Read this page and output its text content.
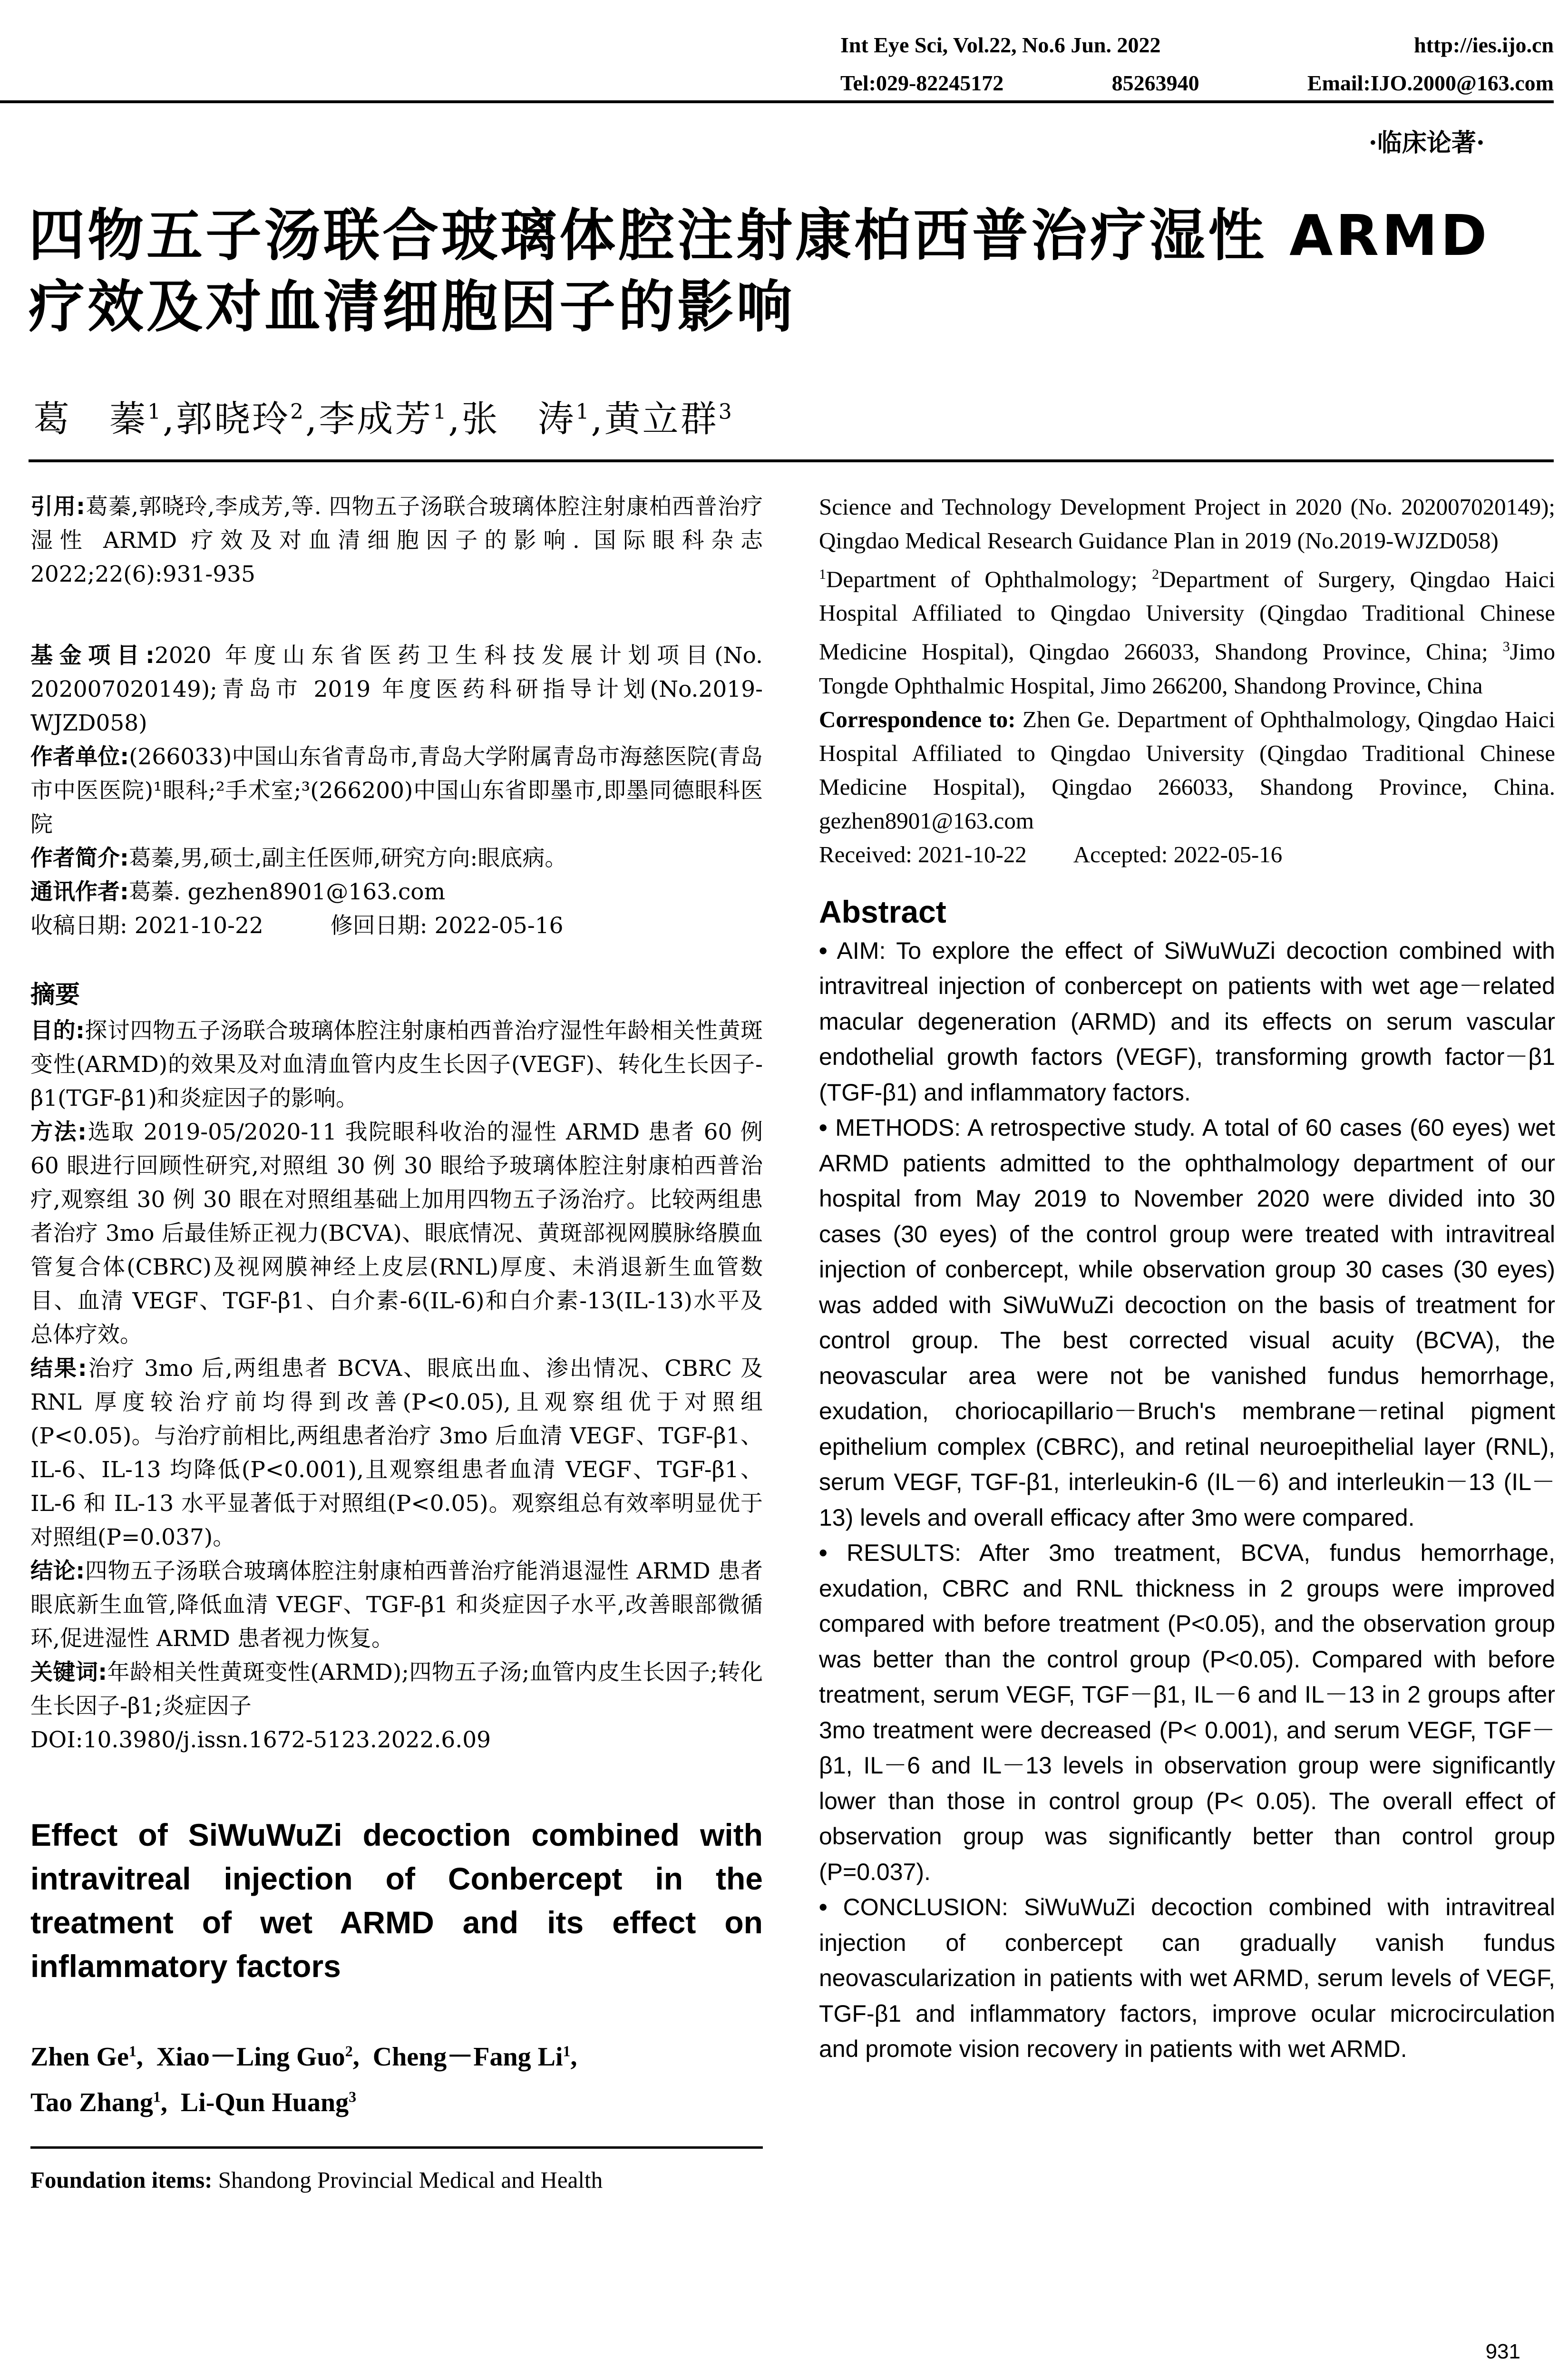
Int Eye Sci, Vol.22, No.6 Jun. 2022	http://ies.ijo.cn
Tel:029-82245172	85263940	Email:IJO.2000@163.com
·临床论著·
四物五子汤联合玻璃体腔注射康柏西普治疗湿性 ARMD
疗效及对血清细胞因子的影响
葛　蓁$^1$,郭晓玲$^2$,李成芳$^1$,张　涛$^1$,黄立群$^3$
引用:葛蓁,郭晓玲,李成芳,等. 四物五子汤联合玻璃体腔注射康柏西普治疗湿性 ARMD 疗效及对血清细胞因子的影响. 国际眼科杂志 2022;22(6):931-935
基金项目:2020 年度山东省医药卫生科技发展计划项目(No. 202007020149);青岛市 2019 年度医药科研指导计划(No.2019-WJZD058)
作者单位:(266033)中国山东省青岛市,青岛大学附属青岛市海慈医院(青岛市中医医院)¹眼科;²手术室;³(266200)中国山东省即墨市,即墨同德眼科医院
作者简介:葛蓁,男,硕士,副主任医师,研究方向:眼底病。
通讯作者:葛蓁. gezhen8901@163.com
收稿日期: 2021-10-22   	修回日期: 2022-05-16
摘要
目的:探讨四物五子汤联合玻璃体腔注射康柏西普治疗湿性年龄相关性黄斑变性(ARMD)的效果及对血清血管内皮生长因子(VEGF)、转化生长因子-β1(TGF-β1)和炎症因子的影响。
方法:选取 2019-05/2020-11 我院眼科收治的湿性 ARMD 患者 60 例 60 眼进行回顾性研究,对照组 30 例 30 眼给予玻璃体腔注射康柏西普治疗,观察组 30 例 30 眼在对照组基础上加用四物五子汤治疗。比较两组患者治疗 3mo 后最佳矫正视力(BCVA)、眼底情况、黄斑部视网膜脉络膜血管复合体(CBRC)及视网膜神经上皮层(RNL)厚度、未消退新生血管数目、血清 VEGF、TGF-β1、白介素-6(IL-6)和白介素-13(IL-13)水平及总体疗效。
结果:治疗 3mo 后,两组患者 BCVA、眼底出血、渗出情况、CBRC 及 RNL 厚度较治疗前均得到改善(P<0.05),且观察组优于对照组(P<0.05)。与治疗前相比,两组患者治疗 3mo 后血清 VEGF、TGF-β1、IL-6、IL-13 均降低(P<0.001),且观察组患者血清 VEGF、TGF-β1、IL-6 和 IL-13 水平显著低于对照组(P<0.05)。观察组总有效率明显优于对照组(P=0.037)。
结论:四物五子汤联合玻璃体腔注射康柏西普治疗能消退湿性 ARMD 患者眼底新生血管,降低血清 VEGF、TGF-β1 和炎症因子水平,改善眼部微循环,促进湿性 ARMD 患者视力恢复。
关键词:年龄相关性黄斑变性(ARMD);四物五子汤;血管内皮生长因子;转化生长因子-β1;炎症因子
DOI:10.3980/j.issn.1672-5123.2022.6.09
Effect of SiWuWuZi decoction combined with intravitreal injection of Conbercept in the treatment of wet ARMD and its effect on inflammatory factors
Zhen Ge$^1$, Xiao－Ling Guo$^2$, Cheng－Fang Li$^1$,
Tao Zhang$^1$, Li-Qun Huang$^3$
Foundation items: Shandong Provincial Medical and Health
Science and Technology Development Project in 2020 (No. 202007020149); Qingdao Medical Research Guidance Plan in 2019 (No.2019-WJZD058)
$^1$Department of Ophthalmology; $^2$Department of Surgery, Qingdao Haici Hospital Affiliated to Qingdao University (Qingdao Traditional Chinese Medicine Hospital), Qingdao 266033, Shandong Province, China; $^3$Jimo Tongde Ophthalmic Hospital, Jimo 266200, Shandong Province, China
Correspondence to: Zhen Ge. Department of Ophthalmology, Qingdao Haici Hospital Affiliated to Qingdao University (Qingdao Traditional Chinese Medicine Hospital), Qingdao 266033, Shandong Province, China. gezhen8901@163.com
Received: 2021-10-22   Accepted: 2022-05-16
Abstract
• AIM: To explore the effect of SiWuWuZi decoction combined with intravitreal injection of conbercept on patients with wet age－related macular degeneration (ARMD) and its effects on serum vascular endothelial growth factors (VEGF), transforming growth factor－β1 (TGF-β1) and inflammatory factors.
• METHODS: A retrospective study. A total of 60 cases (60 eyes) wet ARMD patients admitted to the ophthalmology department of our hospital from May 2019 to November 2020 were divided into 30 cases (30 eyes) of the control group were treated with intravitreal injection of conbercept, while observation group 30 cases (30 eyes) was added with SiWuWuZi decoction on the basis of treatment for control group. The best corrected visual acuity (BCVA), the neovascular area were not be vanished fundus hemorrhage, exudation, choriocapillario－Bruch's membrane－retinal pigment epithelium complex (CBRC), and retinal neuroepithelial layer (RNL), serum VEGF, TGF-β1, interleukin-6 (IL－6) and interleukin－13 (IL－13) levels and overall efficacy after 3mo were compared.
• RESULTS: After 3mo treatment, BCVA, fundus hemorrhage, exudation, CBRC and RNL thickness in 2 groups were improved compared with before treatment (P<0.05), and the observation group was better than the control group (P<0.05). Compared with before treatment, serum VEGF, TGF－β1, IL－6 and IL－13 in 2 groups after 3mo treatment were decreased (P< 0.001), and serum VEGF, TGF－β1, IL－6 and IL－13 levels in observation group were significantly lower than those in control group (P< 0.05). The overall effect of observation group was significantly better than control group (P=0.037).
• CONCLUSION: SiWuWuZi decoction combined with intravitreal injection of conbercept can gradually vanish fundus neovascularization in patients with wet ARMD, serum levels of VEGF, TGF-β1 and inflammatory factors, improve ocular microcirculation and promote vision recovery in patients with wet ARMD.
931
